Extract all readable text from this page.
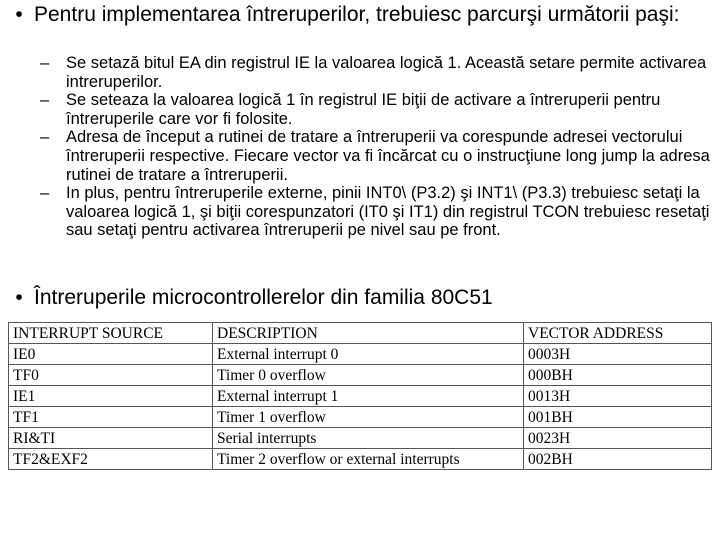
• Pentru implementarea întreruperilor, trebuiesc parcurşi următorii paşi:
–	Se setază bitul EA din registrul IE la valoarea logică 1. Această setare permite activarea intreruperilor.
–	Se seteaza la valoarea logică 1 în registrul IE biţii de activare a întreruperii pentru întreruperile care vor fi folosite.
–	Adresa de început a rutinei de tratare a întreruperii va corespunde adresei vectorului întreruperii respective. Fiecare vector va fi încărcat cu o instrucţiune long jump la adresa rutinei de tratare a întreruperii.
–	In plus, pentru întreruperile externe, pinii INT0\ (P3.2) şi INT1\ (P3.3) trebuiesc setaţi la valoarea logică 1, şi biţii corespunzatori (IT0 şi IT1) din registrul TCON trebuiesc resetaţi sau setaţi pentru activarea întreruperii pe nivel sau pe front.
• Întreruperile microcontrollerelor din familia 80C51
INTERRUPT SOURCE	DESCRIPTION	VECTOR ADDRESS
IE0	External interrupt 0	0003H
TF0	Timer 0 overflow	000BH
IE1	External interrupt 1	0013H
TF1	Timer 1 overflow	001BH
RI&TI	Serial interrupts	0023H
TF2&EXF2	Timer 2 overflow or external interrupts	002BH
